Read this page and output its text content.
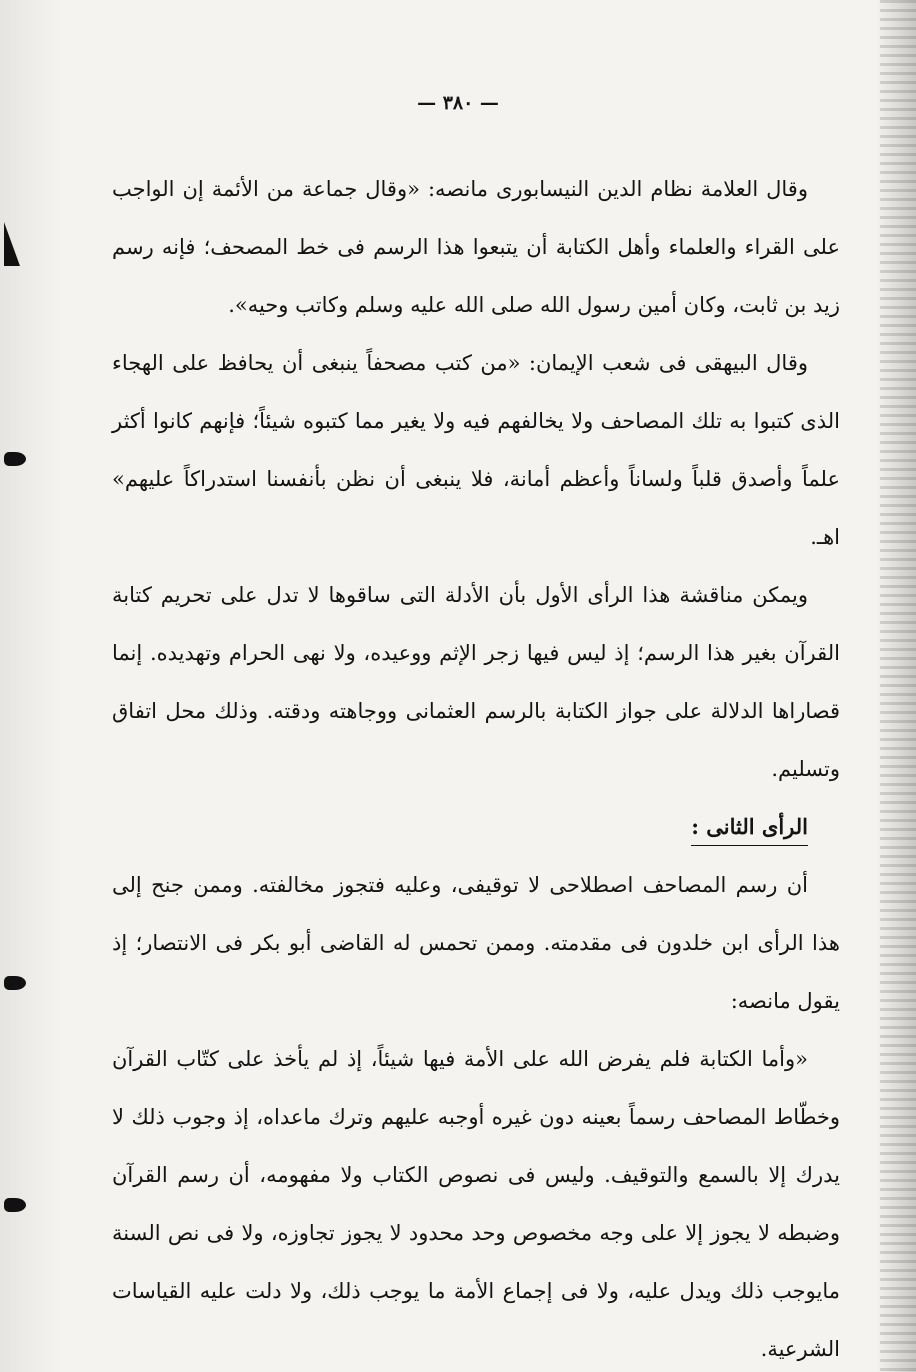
— ٣٨٠ —

وقال العلامة نظام الدين النيسابورى مانصه: «وقال جماعة من الأئمة إن الواجب على القراء والعلماء وأهل الكتابة أن يتبعوا هذا الرسم فى خط المصحف؛ فإنه رسم زيد بن ثابت، وكان أمين رسول الله صلى الله عليه وسلم وكاتب وحيه».

وقال البيهقى فى شعب الإيمان: «من كتب مصحفاً ينبغى أن يحافظ على الهجاء الذى كتبوا به تلك المصاحف ولا يخالفهم فيه ولا يغير مما كتبوه شيئاً؛ فإنهم كانوا أكثر علماً وأصدق قلباً ولساناً وأعظم أمانة، فلا ينبغى أن نظن بأنفسنا استدراكاً عليهم» اهـ.

ويمكن مناقشة هذا الرأى الأول بأن الأدلة التى ساقوها لا تدل على تحريم كتابة القرآن بغير هذا الرسم؛ إذ ليس فيها زجر الإثم ووعيده، ولا نهى الحرام وتهديده. إنما قصاراها الدلالة على جواز الكتابة بالرسم العثمانى ووجاهته ودقته. وذلك محل اتفاق وتسليم.

الرأى الثانى :

أن رسم المصاحف اصطلاحى لا توقيفى، وعليه فتجوز مخالفته. وممن جنح إلى هذا الرأى ابن خلدون فى مقدمته. وممن تحمس له القاضى أبو بكر فى الانتصار؛ إذ يقول مانصه:

«وأما الكتابة فلم يفرض الله على الأمة فيها شيئاً، إذ لم يأخذ على كتّاب القرآن وخطّاط المصاحف رسماً بعينه دون غيره أوجبه عليهم وترك ماعداه، إذ وجوب ذلك لا يدرك إلا بالسمع والتوقيف. وليس فى نصوص الكتاب ولا مفهومه، أن رسم القرآن وضبطه لا يجوز إلا على وجه مخصوص وحد محدود لا يجوز تجاوزه، ولا فى نص السنة مايوجب ذلك ويدل عليه، ولا فى إجماع الأمة ما يوجب ذلك، ولا دلت عليه القياسات الشرعية.
